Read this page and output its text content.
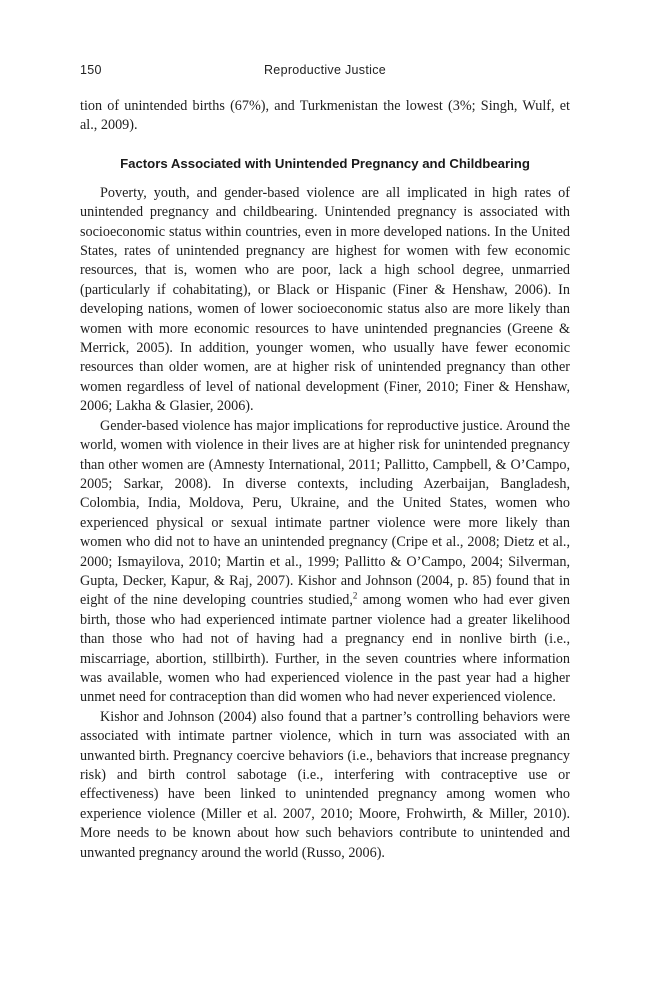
150	Reproductive Justice

tion of unintended births (67%), and Turkmenistan the lowest (3%; Singh, Wulf, et al., 2009).

Factors Associated with Unintended Pregnancy and Childbearing

Poverty, youth, and gender-based violence are all implicated in high rates of unintended pregnancy and childbearing. Unintended pregnancy is associated with socioeconomic status within countries, even in more developed nations. In the United States, rates of unintended pregnancy are highest for women with few economic resources, that is, women who are poor, lack a high school degree, unmarried (particularly if cohabitating), or Black or Hispanic (Finer & Henshaw, 2006). In developing nations, women of lower socioeconomic status also are more likely than women with more economic resources to have unintended pregnancies (Greene & Merrick, 2005). In addition, younger women, who usually have fewer economic resources than older women, are at higher risk of unintended pregnancy than other women regardless of level of national development (Finer, 2010; Finer & Henshaw, 2006; Lakha & Glasier, 2006).

Gender-based violence has major implications for reproductive justice. Around the world, women with violence in their lives are at higher risk for unintended pregnancy than other women are (Amnesty International, 2011; Pallitto, Campbell, & O’Campo, 2005; Sarkar, 2008). In diverse contexts, including Azerbaijan, Bangladesh, Colombia, India, Moldova, Peru, Ukraine, and the United States, women who experienced physical or sexual intimate partner violence were more likely than women who did not to have an unintended pregnancy (Cripe et al., 2008; Dietz et al., 2000; Ismayilova, 2010; Martin et al., 1999; Pallitto & O’Campo, 2004; Silverman, Gupta, Decker, Kapur, & Raj, 2007). Kishor and Johnson (2004, p. 85) found that in eight of the nine developing countries studied,$^2$ among women who had ever given birth, those who had experienced intimate partner violence had a greater likelihood than those who had not of having had a pregnancy end in nonlive birth (i.e., miscarriage, abortion, stillbirth). Further, in the seven countries where information was available, women who had experienced violence in the past year had a higher unmet need for contraception than did women who had never experienced violence.

Kishor and Johnson (2004) also found that a partner’s controlling behaviors were associated with intimate partner violence, which in turn was associated with an unwanted birth. Pregnancy coercive behaviors (i.e., behaviors that increase pregnancy risk) and birth control sabotage (i.e., interfering with contraceptive use or effectiveness) have been linked to unintended pregnancy among women who experience violence (Miller et al. 2007, 2010; Moore, Frohwirth, & Miller, 2010). More needs to be known about how such behaviors contribute to unintended and unwanted pregnancy around the world (Russo, 2006).
